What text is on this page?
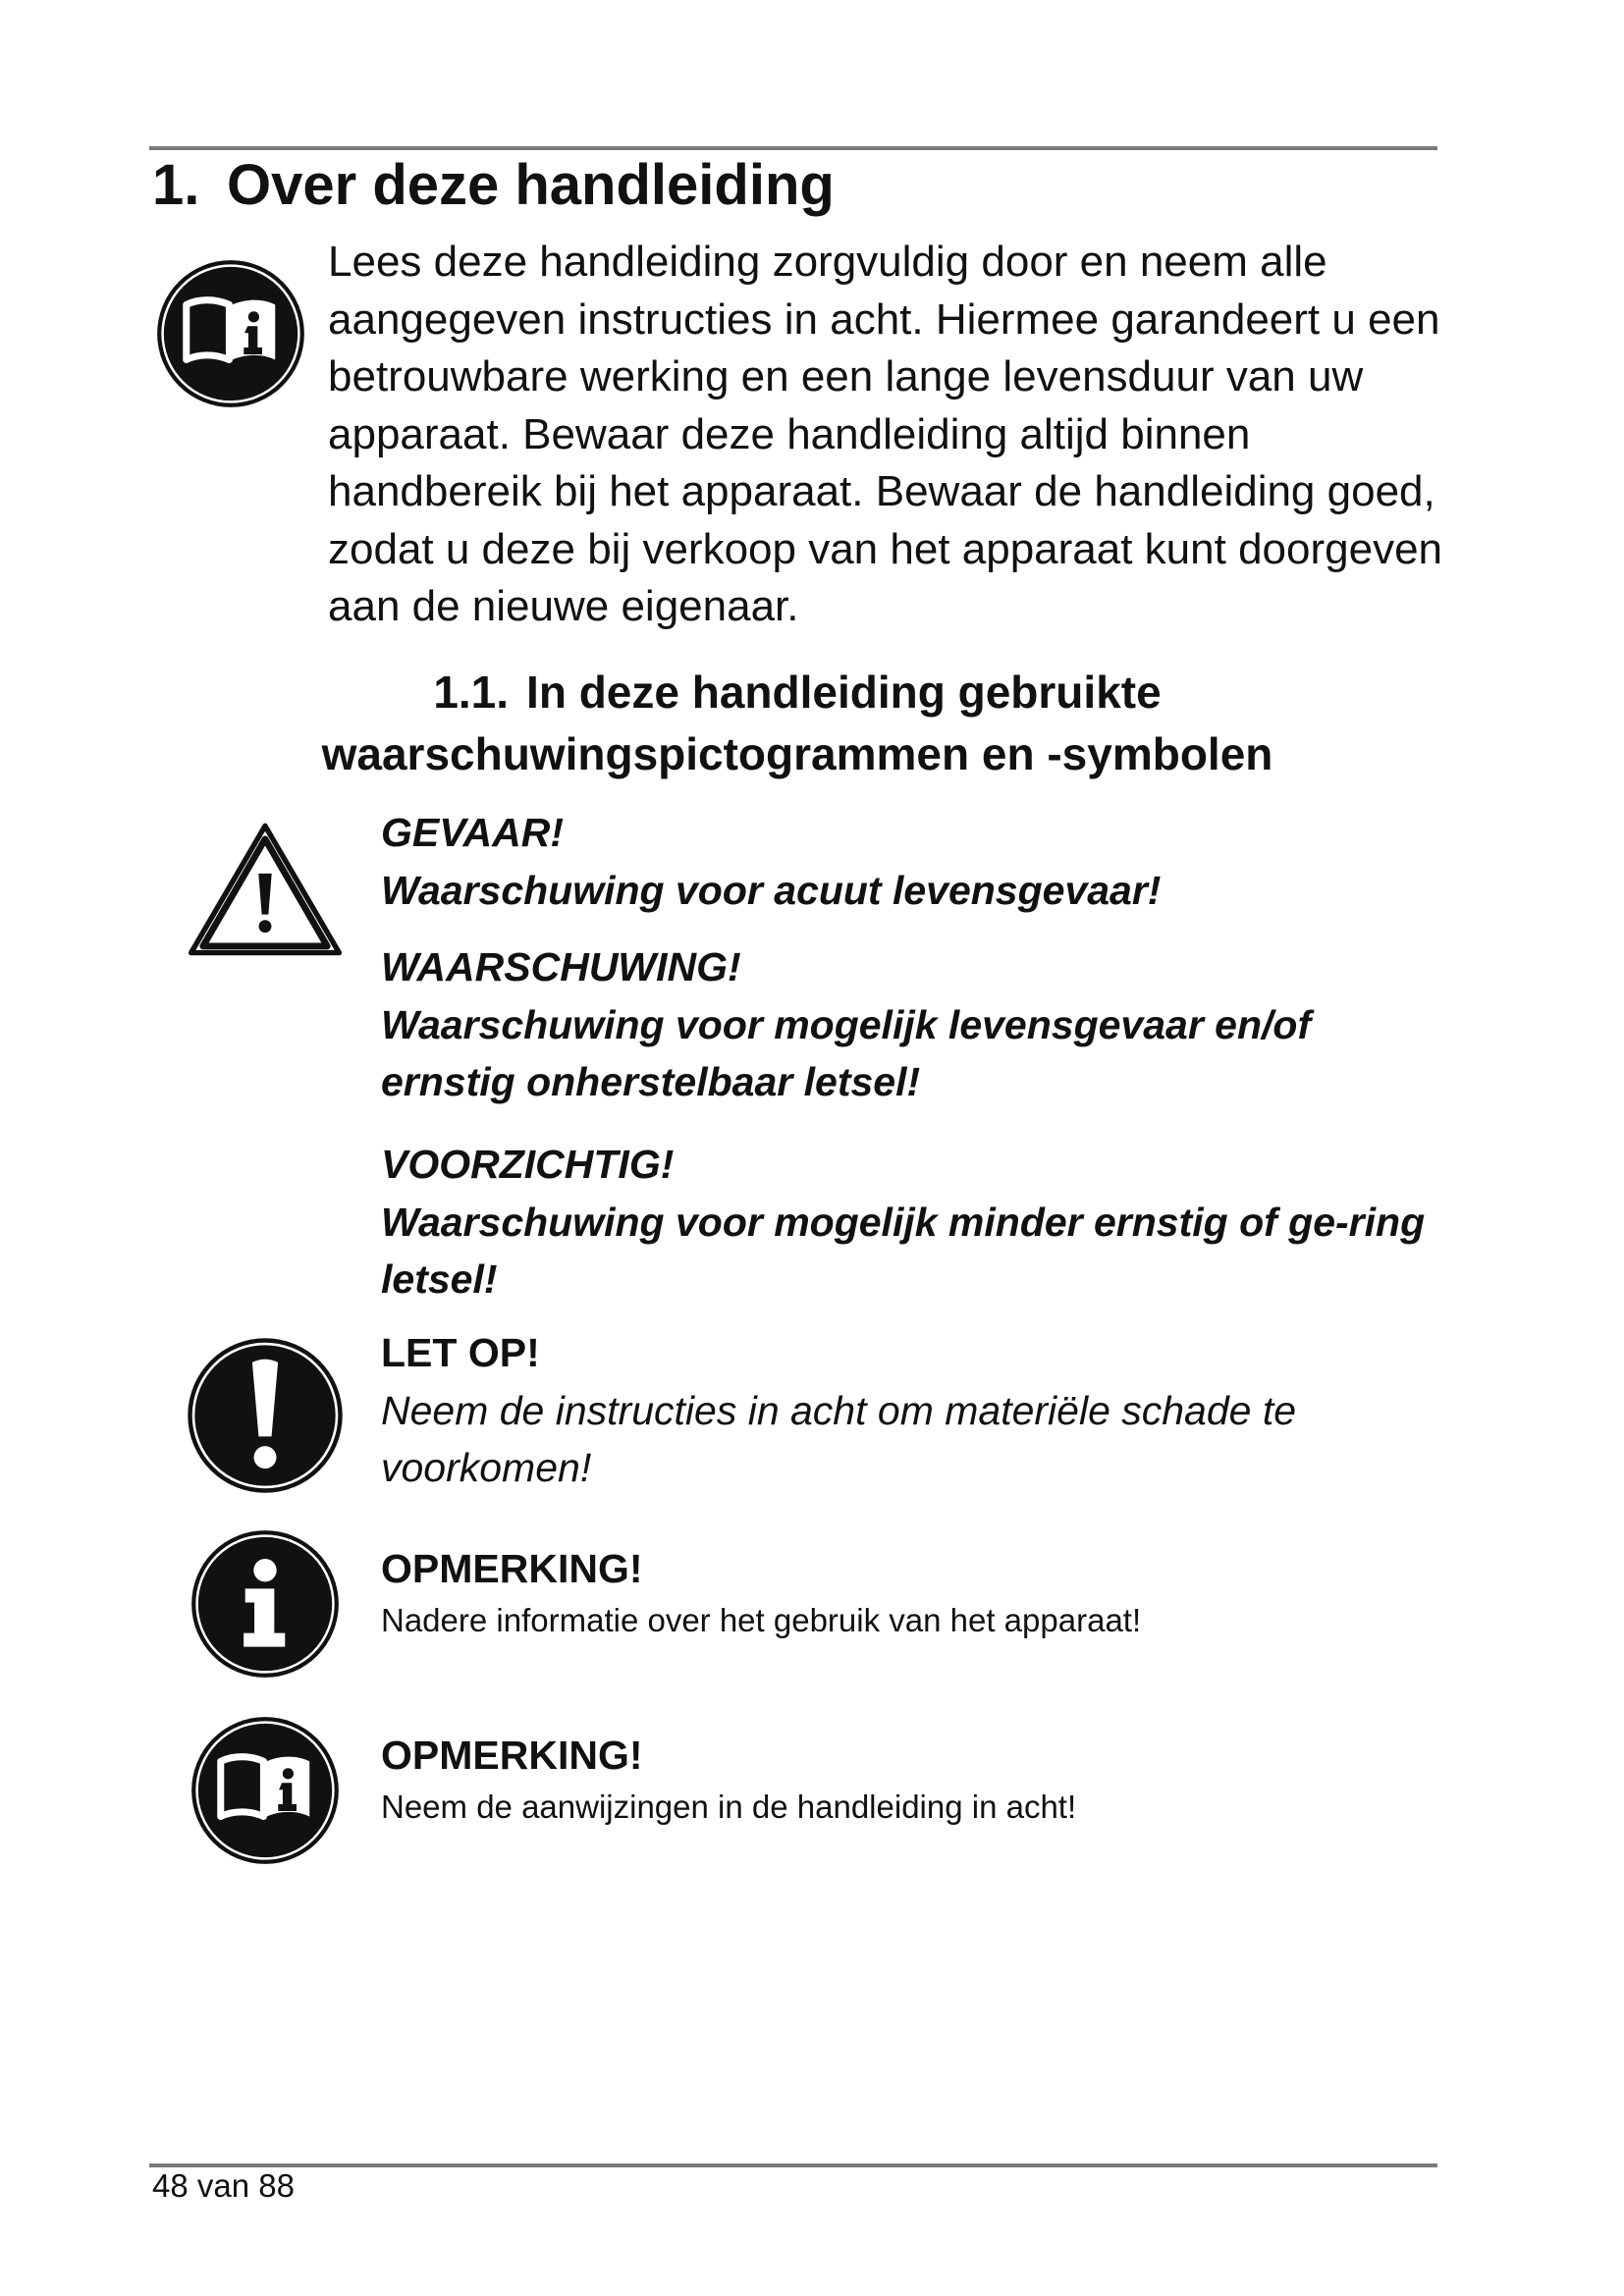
1. Over deze handleiding

Lees deze handleiding zorgvuldig door en neem alle aangegeven instructies in acht. Hiermee garandeert u een betrouwbare werking en een lange levensduur van uw apparaat. Bewaar deze handleiding altijd binnen handbereik bij het apparaat. Bewaar de handleiding goed, zodat u deze bij verkoop van het apparaat kunt doorgeven aan de nieuwe eigenaar.

1.1. In deze handleiding gebruikte waarschuwingspictogrammen en -symbolen
GEVAAR!
Waarschuwing voor acuut levensgevaar!
WAARSCHUWING!
Waarschuwing voor mogelijk levensgevaar en/of ernstig onherstelbaar letsel!
VOORZICHTIG!
Waarschuwing voor mogelijk minder ernstig of ge-ring letsel!
LET OP!
Neem de instructies in acht om materiële schade te voorkomen!
OPMERKING!
Nadere informatie over het gebruik van het apparaat!
OPMERKING!
Neem de aanwijzingen in de handleiding in acht!

48 van 88
